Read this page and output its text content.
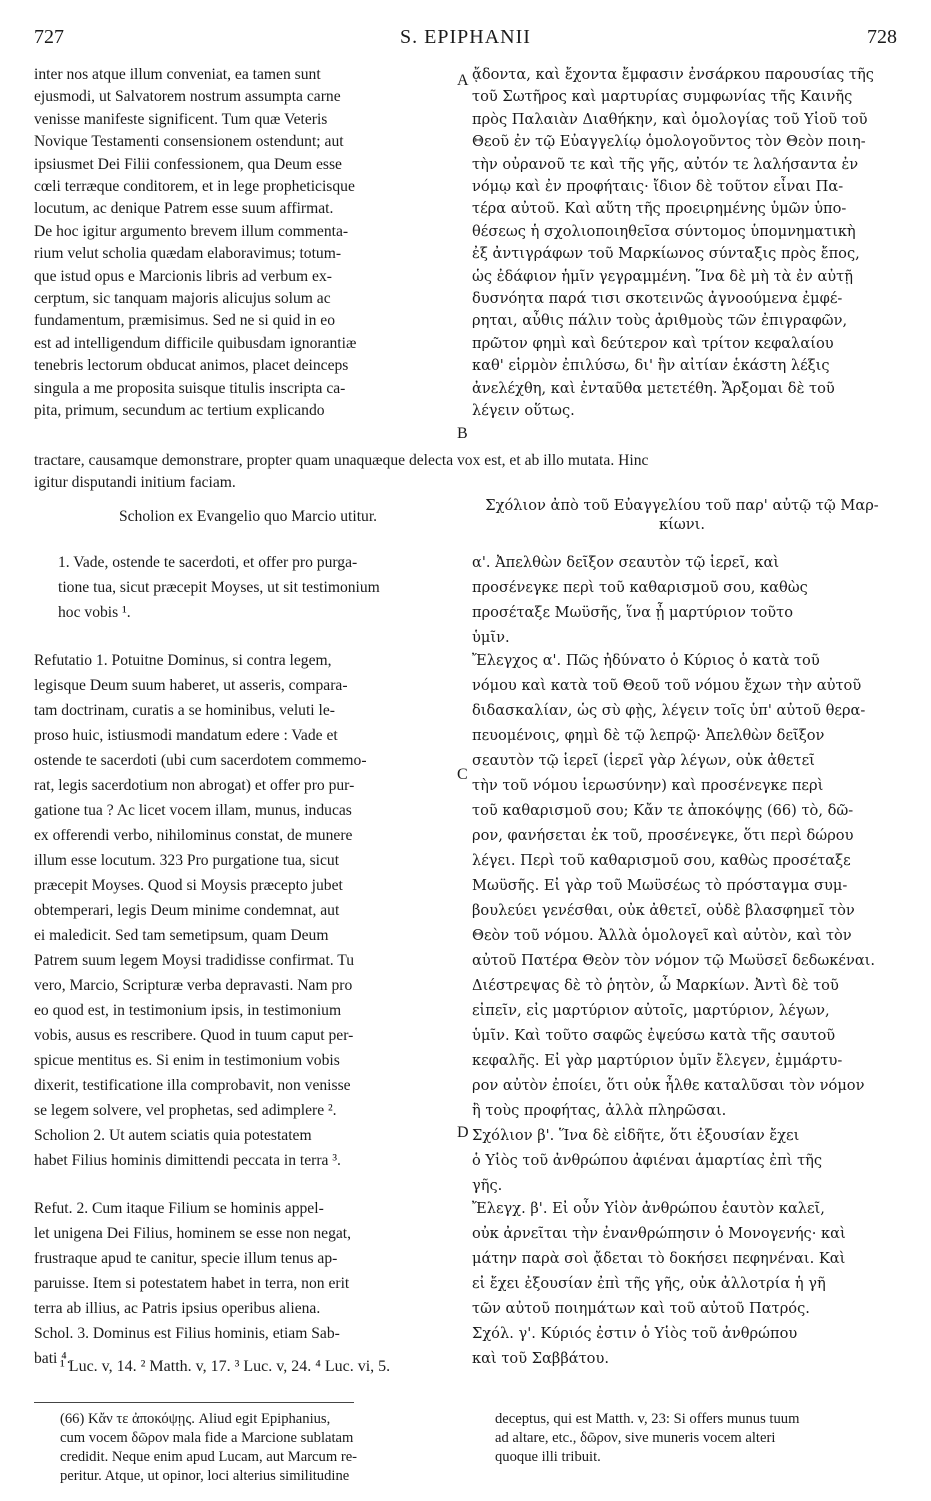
727	S. EPIPHANII	728
inter nos atque illum conveniat, ea tamen sunt
ejusmodi, ut Salvatorem nostrum assumpta carne
venisse manifeste significent. Tum quæ Veteris
Novique Testamenti consensionem ostendunt; aut
ipsiusmet Dei Filii confessionem, qua Deum esse
cœli terræque conditorem, et in lege propheticisque
locutum, ac denique Patrem esse suum affirmat.
De hoc igitur argumento brevem illum commenta-
rium velut scholia quædam elaboravimus; totum-
que istud opus e Marcionis libris ad verbum ex-
cerptum, sic tanquam majoris alicujus solum ac
fundamentum, præmisimus. Sed ne si quid in eo
est ad intelligendum difficile quibusdam ignorantiæ
tenebris lectorum obducat animos, placet deinceps
singula a me proposita suisque titulis inscripta ca-
pita, primum, secundum ac tertium explicando
ᾄδοντα, καὶ ἔχοντα ἔμφασιν ἐνσάρκου παρουσίας τῆς
τοῦ Σωτῆρος καὶ μαρτυρίας συμφωνίας τῆς Καινῆς
πρὸς Παλαιὰν Διαθήκην, καὶ ὁμολογίας τοῦ Υἱοῦ τοῦ
Θεοῦ ἐν τῷ Εὐαγγελίῳ ὁμολογοῦντος τὸν Θεὸν ποιη-
τὴν οὐρανοῦ τε καὶ τῆς γῆς, αὐτόν τε λαλήσαντα ἐν
νόμῳ καὶ ἐν προφήταις· ἴδιον δὲ τοῦτον εἶναι Πα-
τέρα αὐτοῦ. Καὶ αὕτη τῆς προειρημένης ὑμῶν ὑπο-
θέσεως ἡ σχολιοποιηθεῖσα σύντομος ὑπομνηματικὴ
ἐξ ἀντιγράφων τοῦ Μαρκίωνος σύνταξις πρὸς ἔπος,
ὡς ἐδάφιον ἡμῖν γεγραμμένη. Ἵνα δὲ μὴ τὰ ἐν αὐτῇ
δυσνόητα παρά τισι σκοτεινῶς ἀγνοούμενα ἐμφέ-
ρηται, αὖθις πάλιν τοὺς ἀριθμοὺς τῶν ἐπιγραφῶν,
πρῶτον φημὶ καὶ δεύτερον καὶ τρίτον κεφαλαίου
καθ' εἱρμὸν ἐπιλύσω, δι' ἣν αἰτίαν ἑκάστη λέξις
ἀνελέχθη, καὶ ἐνταῦθα μετετέθη. Ἄρξομαι δὲ τοῦ
λέγειν οὕτως.
A
B
C
D

tractare, causamque demonstrare, propter quam unaquæque delecta vox est, et ab illo mutata. Hinc

igitur disputandi initium faciam.

Scholion ex Evangelio quo Marcio utitur.
Σχόλιον ἀπὸ τοῦ Εὐαγγελίου τοῦ παρ' αὐτῷ τῷ Μαρ-κίωνι.
1. Vade, ostende te sacerdoti, et offer pro purga-
tione tua, sicut præcepit Moyses, ut sit testimonium
hoc vobis ¹.
Refutatio 1. Potuitne Dominus, si contra legem,
legisque Deum suum haberet, ut asseris, compara-
tam doctrinam, curatis a se hominibus, veluti le-
proso huic, istiusmodi mandatum edere : Vade et
ostende te sacerdoti (ubi cum sacerdotem commemo-
rat, legis sacerdotium non abrogat) et offer pro pur-
gatione tua ? Ac licet vocem illam, munus, inducas
ex offerendi verbo, nihilominus constat, de munere
illum esse locutum. 323 Pro purgatione tua, sicut
præcepit Moyses. Quod si Moysis præcepto jubet
obtemperari, legis Deum minime condemnat, aut
ei maledicit. Sed tam semetipsum, quam Deum
Patrem suum legem Moysi tradidisse confirmat. Tu
vero, Marcio, Scripturæ verba depravasti. Nam pro
eo quod est, in testimonium ipsis, in testimonium
vobis, ausus es rescribere. Quod in tuum caput per-
spicue mentitus es. Si enim in testimonium vobis
dixerit, testificatione illa comprobavit, non venisse
se legem solvere, vel prophetas, sed adimplere ².
Scholion 2. Ut autem sciatis quia potestatem
habet Filius hominis dimittendi peccata in terra ³.
Refut. 2. Cum itaque Filium se hominis appel-
let unigena Dei Filius, hominem se esse non negat,
frustraque apud te canitur, specie illum tenus ap-
paruisse. Item si potestatem habet in terra, non erit
terra ab illius, ac Patris ipsius operibus aliena.
Schol. 3. Dominus est Filius hominis, etiam Sab-
bati ⁴.
α'. Ἀπελθὼν δεῖξον σεαυτὸν τῷ ἱερεῖ, καὶ
προσένεγκε περὶ τοῦ καθαρισμοῦ σου, καθὼς
προσέταξε Μωϋσῆς, ἵνα ᾖ μαρτύριον τοῦτο
ὑμῖν.
Ἔλεγχος α'. Πῶς ἠδύνατο ὁ Κύριος ὁ κατὰ τοῦ
νόμου καὶ κατὰ τοῦ Θεοῦ τοῦ νόμου ἔχων τὴν αὐτοῦ
διδασκαλίαν, ὡς σὺ φῂς, λέγειν τοῖς ὑπ' αὐτοῦ θερα-
πευομένοις, φημὶ δὲ τῷ λεπρῷ· Ἀπελθὼν δεῖξον
σεαυτὸν τῷ ἱερεῖ (ἱερεῖ γὰρ λέγων, οὐκ ἀθετεῖ
τὴν τοῦ νόμου ἱερωσύνην) καὶ προσένεγκε περὶ
τοῦ καθαρισμοῦ σου; Κἄν τε ἀποκόψῃς (66) τὸ, δῶ-
ρον, φανήσεται ἐκ τοῦ, προσένεγκε, ὅτι περὶ δώρου
λέγει. Περὶ τοῦ καθαρισμοῦ σου, καθὼς προσέταξε
Μωϋσῆς. Εἰ γὰρ τοῦ Μωϋσέως τὸ πρόσταγμα συμ-
βουλεύει γενέσθαι, οὐκ ἀθετεῖ, οὐδὲ βλασφημεῖ τὸν
Θεὸν τοῦ νόμου. Ἀλλὰ ὁμολογεῖ καὶ αὐτὸν, καὶ τὸν
αὐτοῦ Πατέρα Θεὸν τὸν νόμον τῷ Μωϋσεῖ δεδωκέναι.
Διέστρεψας δὲ τὸ ῥητὸν, ὦ Μαρκίων. Ἀντὶ δὲ τοῦ
εἰπεῖν, εἰς μαρτύριον αὐτοῖς, μαρτύριον, λέγων,
ὑμῖν. Καὶ τοῦτο σαφῶς ἐψεύσω κατὰ τῆς σαυτοῦ
κεφαλῆς. Εἰ γὰρ μαρτύριον ὑμῖν ἔλεγεν, ἐμμάρτυ-
ρον αὐτὸν ἐποίει, ὅτι οὐκ ἦλθε καταλῦσαι τὸν νόμον
ἢ τοὺς προφήτας, ἀλλὰ πληρῶσαι.
Σχόλιον β'. Ἵνα δὲ εἰδῆτε, ὅτι ἐξουσίαν ἔχει
ὁ Υἱὸς τοῦ ἀνθρώπου ἀφιέναι ἁμαρτίας ἐπὶ τῆς
γῆς.
Ἔλεγχ. β'. Εἰ οὖν Υἱὸν ἀνθρώπου ἑαυτὸν καλεῖ,
οὐκ ἀρνεῖται τὴν ἐνανθρώπησιν ὁ Μονογενής· καὶ
μάτην παρὰ σοὶ ᾄδεται τὸ δοκήσει πεφηνέναι. Καὶ
εἰ ἔχει ἐξουσίαν ἐπὶ τῆς γῆς, οὐκ ἀλλοτρία ἡ γῆ
τῶν αὐτοῦ ποιημάτων καὶ τοῦ αὐτοῦ Πατρός.
Σχόλ. γ'. Κύριός ἐστιν ὁ Υἱὸς τοῦ ἀνθρώπου
καὶ τοῦ Σαββάτου.
¹ Luc. v, 14. ² Matth. v, 17. ³ Luc. v, 24. ⁴ Luc. vi, 5.
(66) Κἄν τε ἀποκόψῃς. Aliud egit Epiphanius,
cum vocem δῶρον mala fide a Marcione sublatam
credidit. Neque enim apud Lucam, aut Marcum re-
peritur. Atque, ut opinor, loci alterius similitudine
deceptus, qui est Matth. v, 23: Si offers munus tuum
ad altare, etc., δῶρον, sive muneris vocem alteri
quoque illi tribuit.
